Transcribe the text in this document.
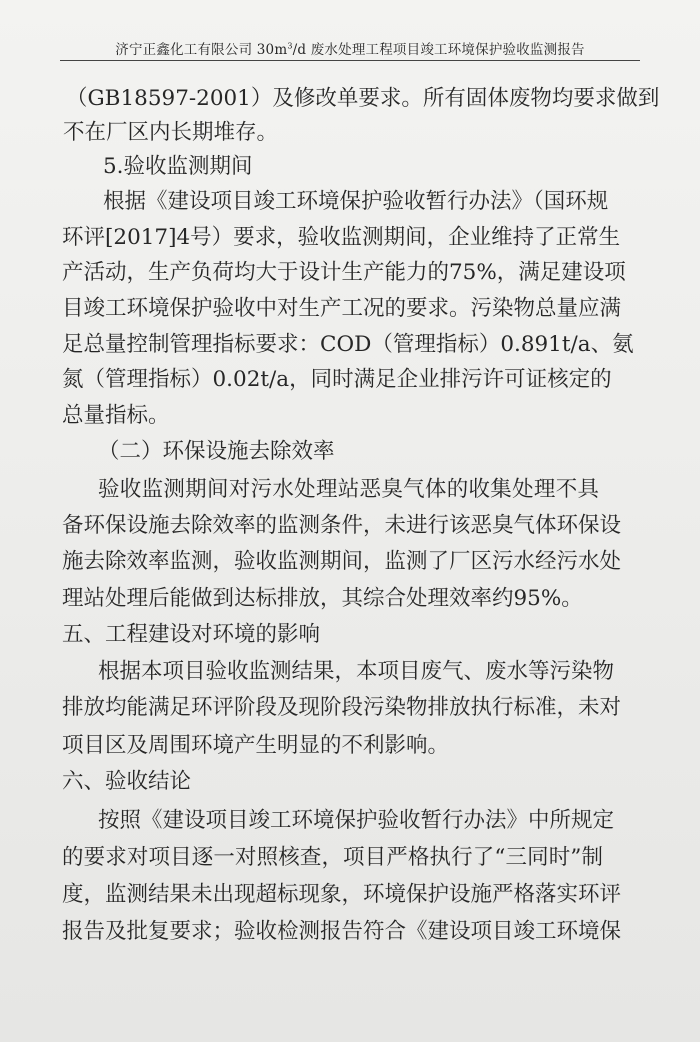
济宁正鑫化工有限公司 $30m^3/d$ 废水处理工程项目竣工环境保护验收监测报告
（GB18597-2001）及修改单要求。所有固体废物均要求做到
不在厂区内长期堆存。
5.验收监测期间
根据《建设项目竣工环境保护验收暂行办法》（国环规
环评[2017]4号）要求，验收监测期间，企业维持了正常生
产活动，生产负荷均大于设计生产能力的75%，满足建设项
目竣工环境保护验收中对生产工况的要求。污染物总量应满
足总量控制管理指标要求：COD（管理指标）0.891t/a、氨
氮（管理指标）0.02t/a，同时满足企业排污许可证核定的
总量指标。
（二）环保设施去除效率
验收监测期间对污水处理站恶臭气体的收集处理不具
备环保设施去除效率的监测条件，未进行该恶臭气体环保设
施去除效率监测，验收监测期间，监测了厂区污水经污水处
理站处理后能做到达标排放，其综合处理效率约95%。
五、工程建设对环境的影响
根据本项目验收监测结果，本项目废气、废水等污染物
排放均能满足环评阶段及现阶段污染物排放执行标准，未对
项目区及周围环境产生明显的不利影响。
六、验收结论
按照《建设项目竣工环境保护验收暂行办法》中所规定
的要求对项目逐一对照核查，项目严格执行了“三同时”制
度，监测结果未出现超标现象，环境保护设施严格落实环评
报告及批复要求；验收检测报告符合《建设项目竣工环境保
